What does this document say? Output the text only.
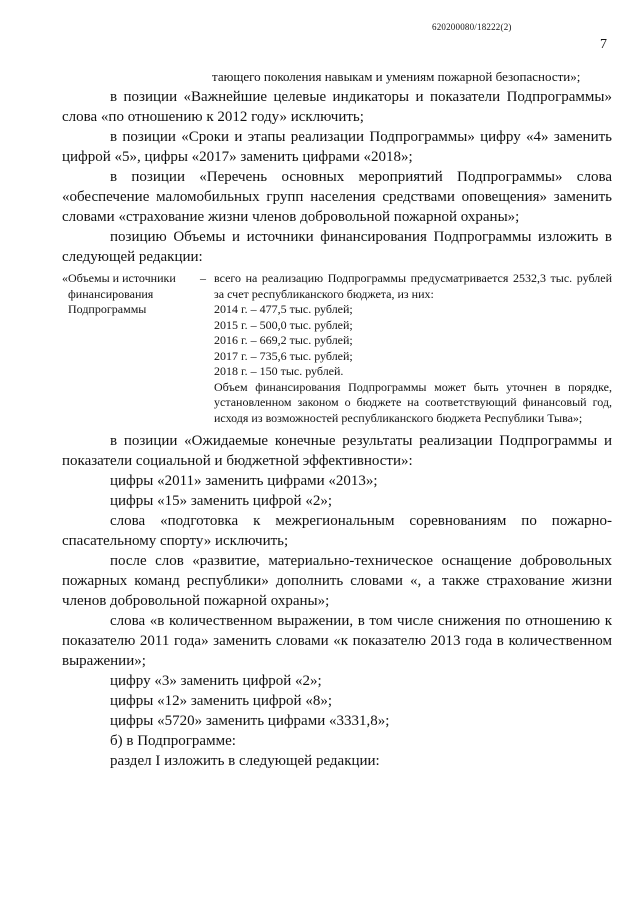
620200080/18222(2)
7

тающего поколения навыкам и умениям пожарной безопасности»;

в позиции «Важнейшие целевые индикаторы и показатели Подпрограммы» слова «по отношению к 2012 году» исключить;

в позиции «Сроки и этапы реализации Подпрограммы» цифру «4» заменить цифрой «5», цифры «2017» заменить цифрами «2018»;

в позиции «Перечень основных мероприятий Подпрограммы» слова «обеспечение маломобильных групп населения средствами оповещения» заменить словами «страхование жизни членов добровольной пожарной охраны»;

позицию Объемы и источники финансирования Подпрограммы изложить в следующей редакции:

«Объемы и источники
финансирования
Подпрограммы
– всего на реализацию Подпрограммы предусматривается 2532,3 тыс. рублей за счет республиканского бюджета, из них:
2014 г. – 477,5 тыс. рублей;
2015 г. – 500,0 тыс. рублей;
2016 г. – 669,2 тыс. рублей;
2017 г. – 735,6 тыс. рублей;
2018 г. – 150 тыс. рублей.
Объем финансирования Подпрограммы может быть уточнен в порядке, установленном законом о бюджете на соответствующий финансовый год, исходя из возможностей республиканского бюджета Республики Тыва»;

в позиции «Ожидаемые конечные результаты реализации Подпрограммы и показатели социальной и бюджетной эффективности»:

цифры «2011» заменить цифрами «2013»;

цифры «15» заменить цифрой «2»;

слова «подготовка к межрегиональным соревнованиям по пожарно-спасательному спорту» исключить;

после слов «развитие, материально-техническое оснащение добровольных пожарных команд республики» дополнить словами «, а также страхование жизни членов добровольной пожарной охраны»;

слова «в количественном выражении, в том числе снижения по отношению к показателю 2011 года» заменить словами «к показателю 2013 года в количественном выражении»;

цифру «3» заменить цифрой «2»;

цифры «12» заменить цифрой «8»;

цифры «5720» заменить цифрами «3331,8»;

б) в Подпрограмме:

раздел I изложить в следующей редакции:
